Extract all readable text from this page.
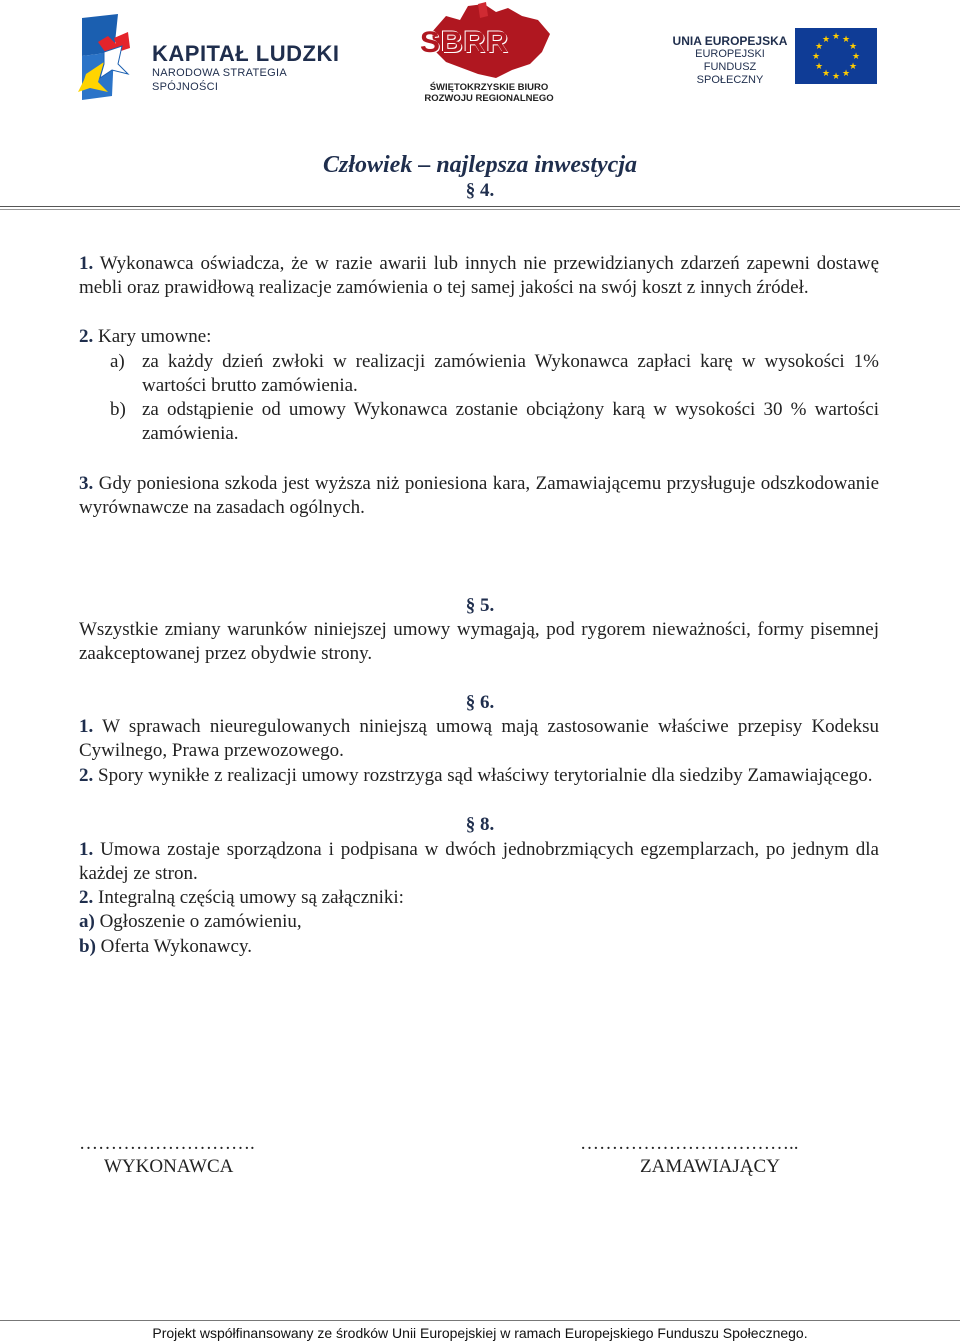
KAPITAŁ LUDZKI
NARODOWA STRATEGIA SPÓJNOŚCI
SBRR
ŚWIĘTOKRZYSKIE BIURO
ROZWOJU REGIONALNEGO
UNIA EUROPEJSKA
EUROPEJSKI
FUNDUSZ SPOŁECZNY
★ ★
★
★
★
★
★
★
★
★
★
★
Człowiek – najlepsza inwestycja
§ 4.
1. Wykonawca oświadcza, że w razie awarii lub innych nie przewidzianych zdarzeń zapewni dostawę mebli oraz prawidłową realizacje zamówienia o tej samej jakości na swój koszt z innych źródeł.
2. Kary umowne:
a) za każdy dzień zwłoki w realizacji zamówienia Wykonawca zapłaci karę w wysokości 1% wartości brutto zamówienia.
b) za odstąpienie od umowy Wykonawca zostanie obciążony karą w wysokości 30 % wartości zamówienia.
3. Gdy poniesiona szkoda jest wyższa niż poniesiona kara, Zamawiającemu przysługuje odszkodowanie wyrównawcze na zasadach ogólnych.
§ 5.
Wszystkie zmiany warunków niniejszej umowy wymagają, pod rygorem nieważności, formy pisemnej zaakceptowanej przez obydwie strony.
§ 6.
1. W sprawach nieuregulowanych niniejszą umową mają zastosowanie właściwe przepisy Kodeksu Cywilnego, Prawa przewozowego.
2. Spory wynikłe z realizacji umowy rozstrzyga sąd właściwy terytorialnie dla siedziby Zamawiającego.
§ 8.
1. Umowa zostaje sporządzona i podpisana w dwóch jednobrzmiących egzemplarzach, po jednym dla każdej ze stron.
2. Integralną częścią umowy są załączniki:
a) Ogłoszenie o zamówieniu,
b) Oferta Wykonawcy.
……………………….
WYKONAWCA
……………………………..
ZAMAWIAJĄCY
Projekt współfinansowany ze środków Unii Europejskiej w ramach Europejskiego Funduszu Społecznego.
